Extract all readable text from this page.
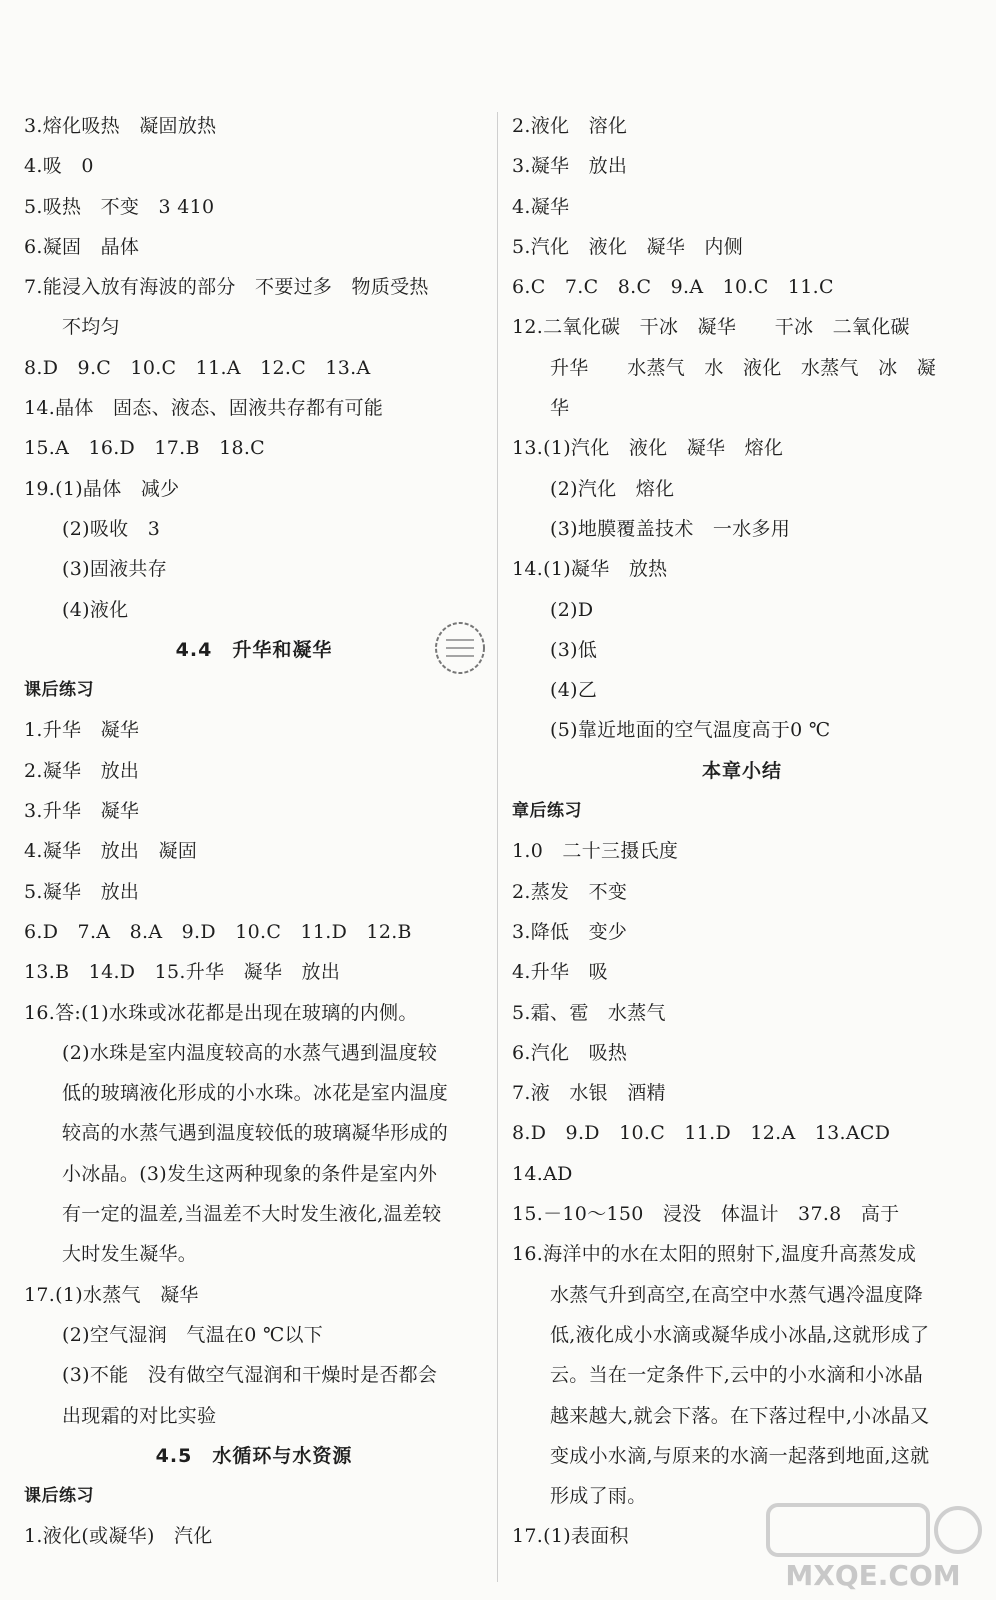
3.熔化吸热　凝固放热
4.吸　0
5.吸热　不变　3 410
6.凝固　晶体
7.能浸入放有海波的部分　不要过多　物质受热
不均匀
8.D　9.C　10.C　11.A　12.C　13.A
14.晶体　固态、液态、固液共存都有可能
15.A　16.D　17.B　18.C
19.(1)晶体　减少
(2)吸收　3
(3)固液共存
(4)液化
4.4　升华和凝华
课后练习
1.升华　凝华
2.凝华　放出
3.升华　凝华
4.凝华　放出　凝固
5.凝华　放出
6.D　7.A　8.A　9.D　10.C　11.D　12.B
13.B　14.D　15.升华　凝华　放出
16.答:(1)水珠或冰花都是出现在玻璃的内侧。
(2)水珠是室内温度较高的水蒸气遇到温度较
低的玻璃液化形成的小水珠。冰花是室内温度
较高的水蒸气遇到温度较低的玻璃凝华形成的
小冰晶。(3)发生这两种现象的条件是室内外
有一定的温差,当温差不大时发生液化,温差较
大时发生凝华。
17.(1)水蒸气　凝华
(2)空气湿润　气温在0 ℃以下
(3)不能　没有做空气湿润和干燥时是否都会
出现霜的对比实验
4.5　水循环与水资源
课后练习
1.液化(或凝华)　汽化
2.液化　溶化
3.凝华　放出
4.凝华
5.汽化　液化　凝华　内侧
6.C　7.C　8.C　9.A　10.C　11.C
12.二氧化碳　干冰　凝华　　干冰　二氧化碳
升华　　水蒸气　水　液化　水蒸气　冰　凝
华
13.(1)汽化　液化　凝华　熔化
(2)汽化　熔化
(3)地膜覆盖技术　一水多用
14.(1)凝华　放热
(2)D
(3)低
(4)乙
(5)靠近地面的空气温度高于0 ℃
本章小结
章后练习
1.0　二十三摄氏度
2.蒸发　不变
3.降低　变少
4.升华　吸
5.霜、雹　水蒸气
6.汽化　吸热
7.液　水银　酒精
8.D　9.D　10.C　11.D　12.A　13.ACD
14.AD
15.－10～150　浸没　体温计　37.8　高于
16.海洋中的水在太阳的照射下,温度升高蒸发成
水蒸气升到高空,在高空中水蒸气遇冷温度降
低,液化成小水滴或凝华成小冰晶,这就形成了
云。当在一定条件下,云中的小水滴和小冰晶
越来越大,就会下落。在下落过程中,小冰晶又
变成小水滴,与原来的水滴一起落到地面,这就
形成了雨。
17.(1)表面积
MXQE.COM
